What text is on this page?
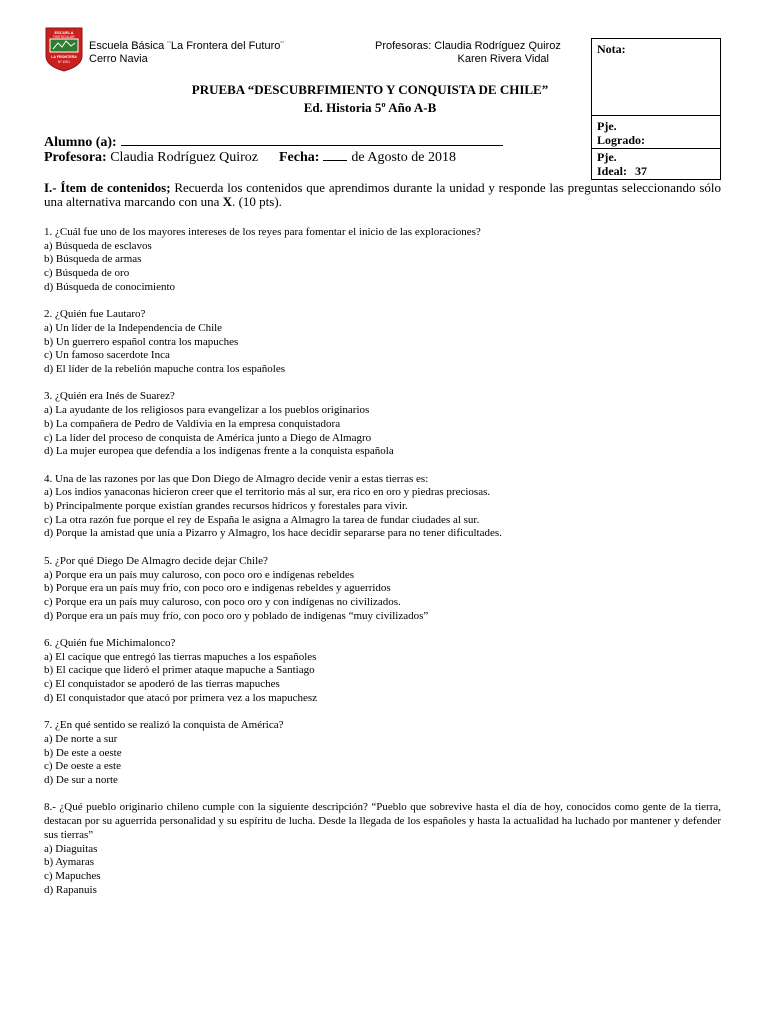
ESCUELA
PARTICULAR
LA FRONTERA
Nº 1001
Escuela Básica ¨La Frontera del Futuro¨
Cerro Navia
Profesoras: Claudia Rodríguez Quiroz
Karen Rivera Vidal
Nota:
Pje.
Logrado:
Pje.
Ideal: 37
PRUEBA “DESCUBRFIMIENTO Y CONQUISTA DE CHILE”
Ed. Historia 5º Año A-B
Alumno (a):
Profesora: Claudia Rodríguez Quiroz Fecha: de Agosto de 2018
I.- Ítem de contenidos; Recuerda los contenidos que aprendimos durante la unidad y responde las preguntas seleccionando sólo una alternativa marcando con una X. (10 pts).
1. ¿Cuál fue uno de los mayores intereses de los reyes para fomentar el inicio de las exploraciones?
a) Búsqueda de esclavos
b) Búsqueda de armas
c) Búsqueda de oro
d) Búsqueda de conocimiento
2. ¿Quién fue Lautaro?
a) Un líder de la Independencia de Chile
b) Un guerrero español contra los mapuches
c) Un famoso sacerdote Inca
d) El líder de la rebelión mapuche contra los españoles
3. ¿Quién era Inés de Suarez?
a) La ayudante de los religiosos para evangelizar a los pueblos originarios
b) La compañera de Pedro de Valdivia en la empresa conquistadora
c) La líder del proceso de conquista de América junto a Diego de Almagro
d) La mujer europea que defendía a los indígenas frente a la conquista española
4. Una de las razones por las que Don Diego de Almagro decide venir a estas tierras es:
a) Los indios yanaconas hicieron creer que el territorio más al sur, era rico en oro y piedras preciosas.
b) Principalmente porque existían grandes recursos hídricos y forestales para vivir.
c) La otra razón fue porque el rey de España le asigna a Almagro la tarea de fundar ciudades al sur.
d) Porque la amistad que unía a Pizarro y Almagro, los hace decidir separarse para no tener dificultades.
5. ¿Por qué Diego De Almagro decide dejar Chile?
a) Porque era un país muy caluroso, con poco oro e indígenas rebeldes
b) Porque era un país muy frío, con poco oro e indígenas rebeldes y aguerridos
c) Porque era un país muy caluroso, con poco oro y con indígenas no civilizados.
d) Porque era un país muy frío, con poco oro y poblado de indígenas “muy civilizados”
6. ¿Quién fue Michimalonco?
a) El cacique que entregó las tierras mapuches a los españoles
b) El cacique que lideró el primer ataque mapuche a Santiago
c) El conquistador se apoderó de las tierras mapuches
d) El conquistador que atacó por primera vez a los mapuchesz
7. ¿En qué sentido se realizó la conquista de América?
a) De norte a sur
b) De este a oeste
c) De oeste a este
d) De sur a norte
8.- ¿Qué pueblo originario chileno cumple con la siguiente descripción? “Pueblo que sobrevive hasta el día de hoy, conocidos como gente de la tierra, destacan por su aguerrida personalidad y su espíritu de lucha. Desde la llegada de los españoles y hasta la actualidad ha luchado por mantener y defender sus tierras”
a) Diaguitas
b) Aymaras
c) Mapuches
d) Rapanuis
